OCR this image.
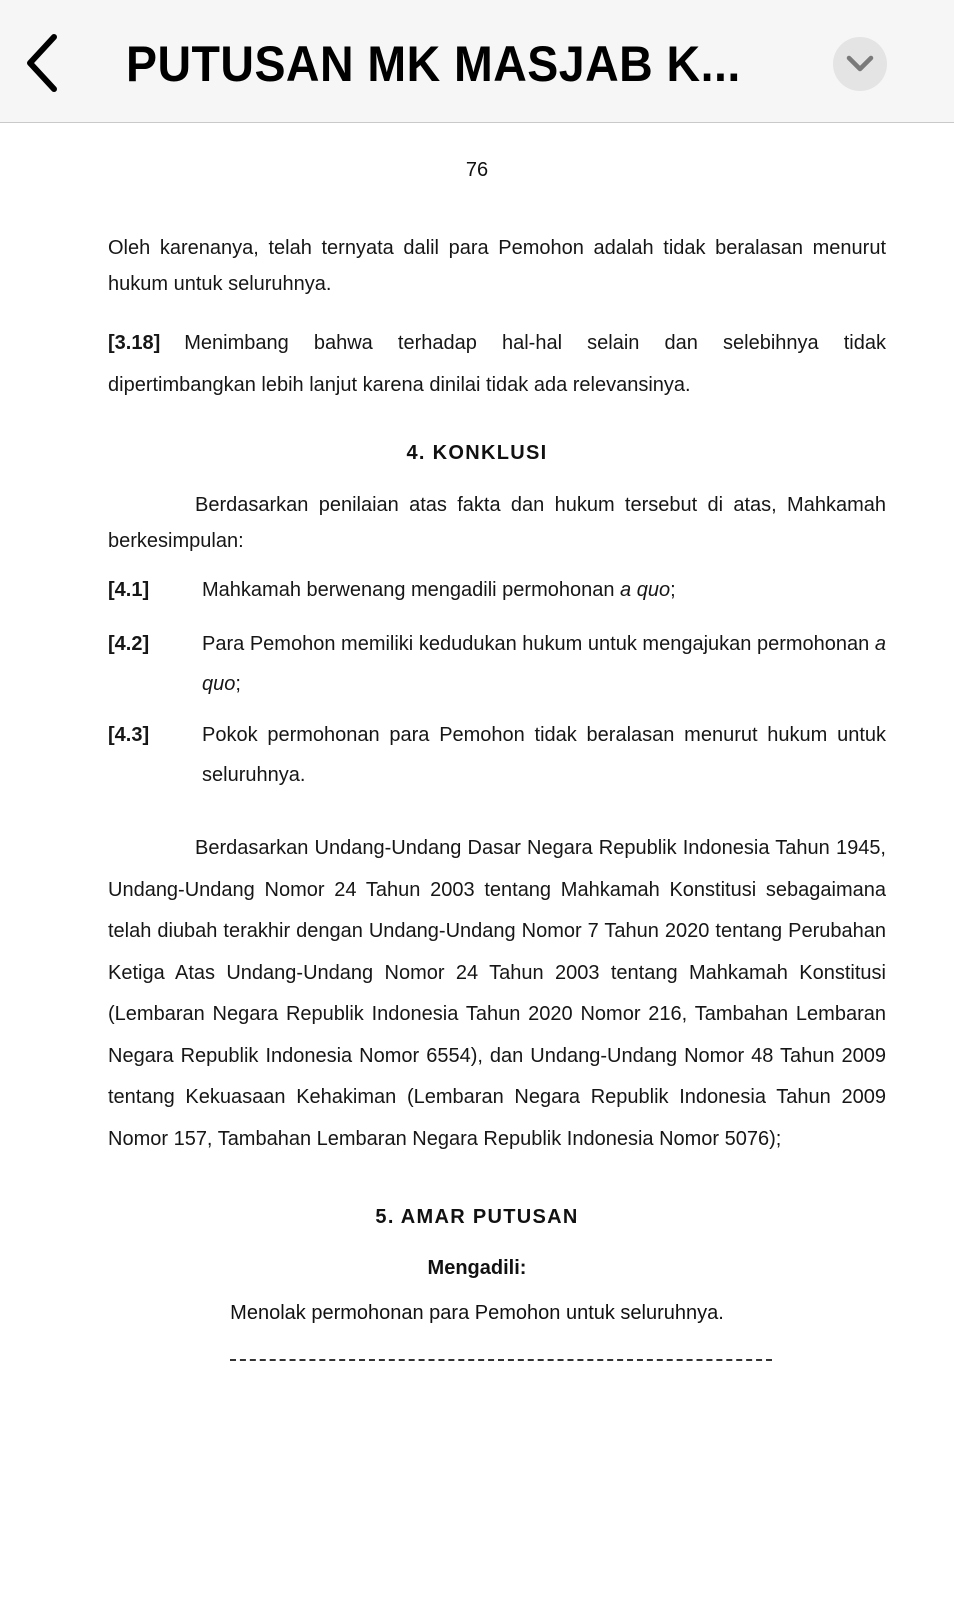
PUTUSAN MK MASJAB K...
76
Oleh karenanya, telah ternyata dalil para Pemohon adalah tidak beralasan menurut hukum untuk seluruhnya.
[3.18] Menimbang bahwa terhadap hal-hal selain dan selebihnya tidak dipertimbangkan lebih lanjut karena dinilai tidak ada relevansinya.
4. KONKLUSI
Berdasarkan penilaian atas fakta dan hukum tersebut di atas, Mahkamah berkesimpulan:
[4.1]	Mahkamah berwenang mengadili permohonan a quo;
[4.2]	Para Pemohon memiliki kedudukan hukum untuk mengajukan permohonan a quo;
[4.3]	Pokok permohonan para Pemohon tidak beralasan menurut hukum untuk seluruhnya.
Berdasarkan Undang-Undang Dasar Negara Republik Indonesia Tahun 1945, Undang-Undang Nomor 24 Tahun 2003 tentang Mahkamah Konstitusi sebagaimana telah diubah terakhir dengan Undang-Undang Nomor 7 Tahun 2020 tentang Perubahan Ketiga Atas Undang-Undang Nomor 24 Tahun 2003 tentang Mahkamah Konstitusi (Lembaran Negara Republik Indonesia Tahun 2020 Nomor 216, Tambahan Lembaran Negara Republik Indonesia Nomor 6554), dan Undang-Undang Nomor 48 Tahun 2009 tentang Kekuasaan Kehakiman (Lembaran Negara Republik Indonesia Tahun 2009 Nomor 157, Tambahan Lembaran Negara Republik Indonesia Nomor 5076);
5. AMAR PUTUSAN
Mengadili:
Menolak permohonan para Pemohon untuk seluruhnya.
